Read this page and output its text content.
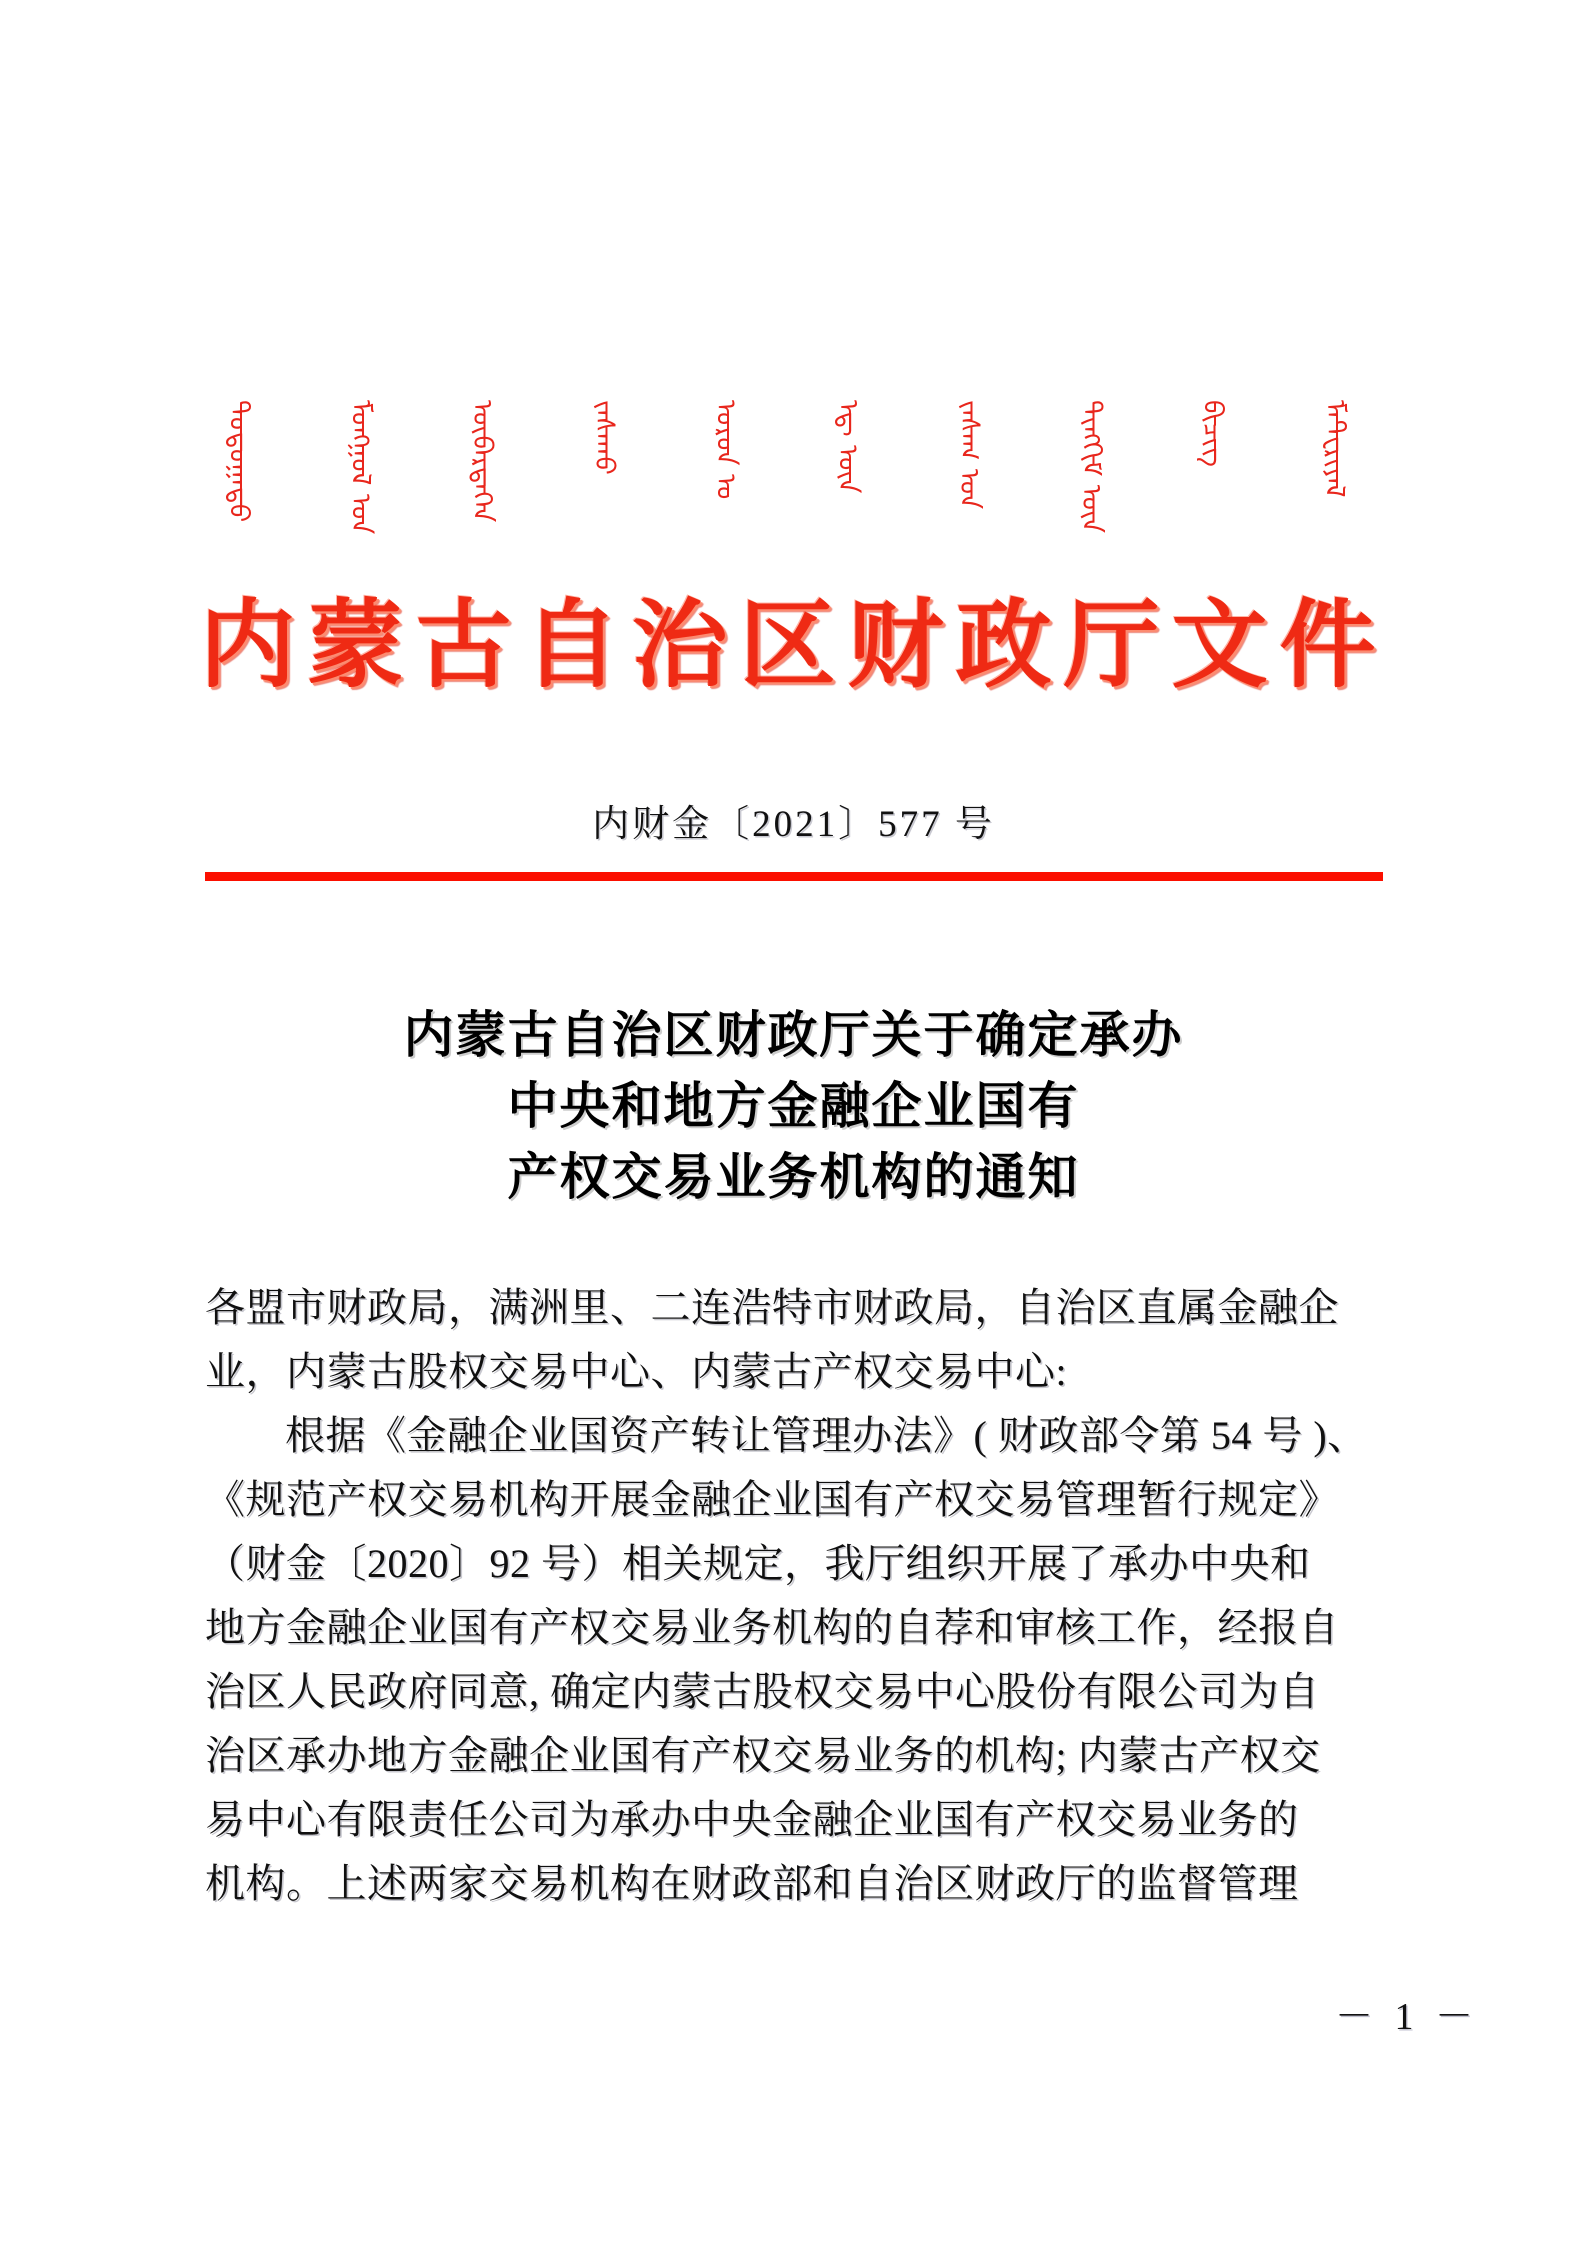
ᠳᠣᠲᠣᠭᠠᠳᠤ	ᠮᠣᠩᠭᠣᠯ ᠤᠨ	ᠥᠪᠡᠷᠲᠡᠭᠡᠨ	ᠵᠠᠰᠠᠬᠤ	ᠣᠷᠣᠨ ᠤ	ᠡᠳ᠋ ᠦᠨ	ᠵᠠᠰᠠᠭ ᠤᠨ	ᠲᠢᠩᠬᠢᠮ ᠦᠨ	ᠪᠢᠴᠢᠭ	ᠮᠠᠲ᠋ᠧᠷᠢᠶᠠᠯ
内蒙古自治区财政厅文件
内财金〔2021〕577 号
内蒙古自治区财政厅关于确定承办
中央和地方金融企业国有
产权交易业务机构的通知

各盟市财政局，满洲里、二连浩特市财政局，自治区直属金融企

业，内蒙古股权交易中心、内蒙古产权交易中心:

根据《金融企业国资产转让管理办法》( 财政部令第 54 号 )、

《规范产权交易机构开展金融企业国有产权交易管理暂行规定》

（财金〔2020〕92 号）相关规定，我厅组织开展了承办中央和

地方金融企业国有产权交易业务机构的自荐和审核工作，经报自

治区人民政府同意, 确定内蒙古股权交易中心股份有限公司为自

治区承办地方金融企业国有产权交易业务的机构; 内蒙古产权交

易中心有限责任公司为承办中央金融企业国有产权交易业务的

机构。上述两家交易机构在财政部和自治区财政厅的监督管理

－ 1 －
